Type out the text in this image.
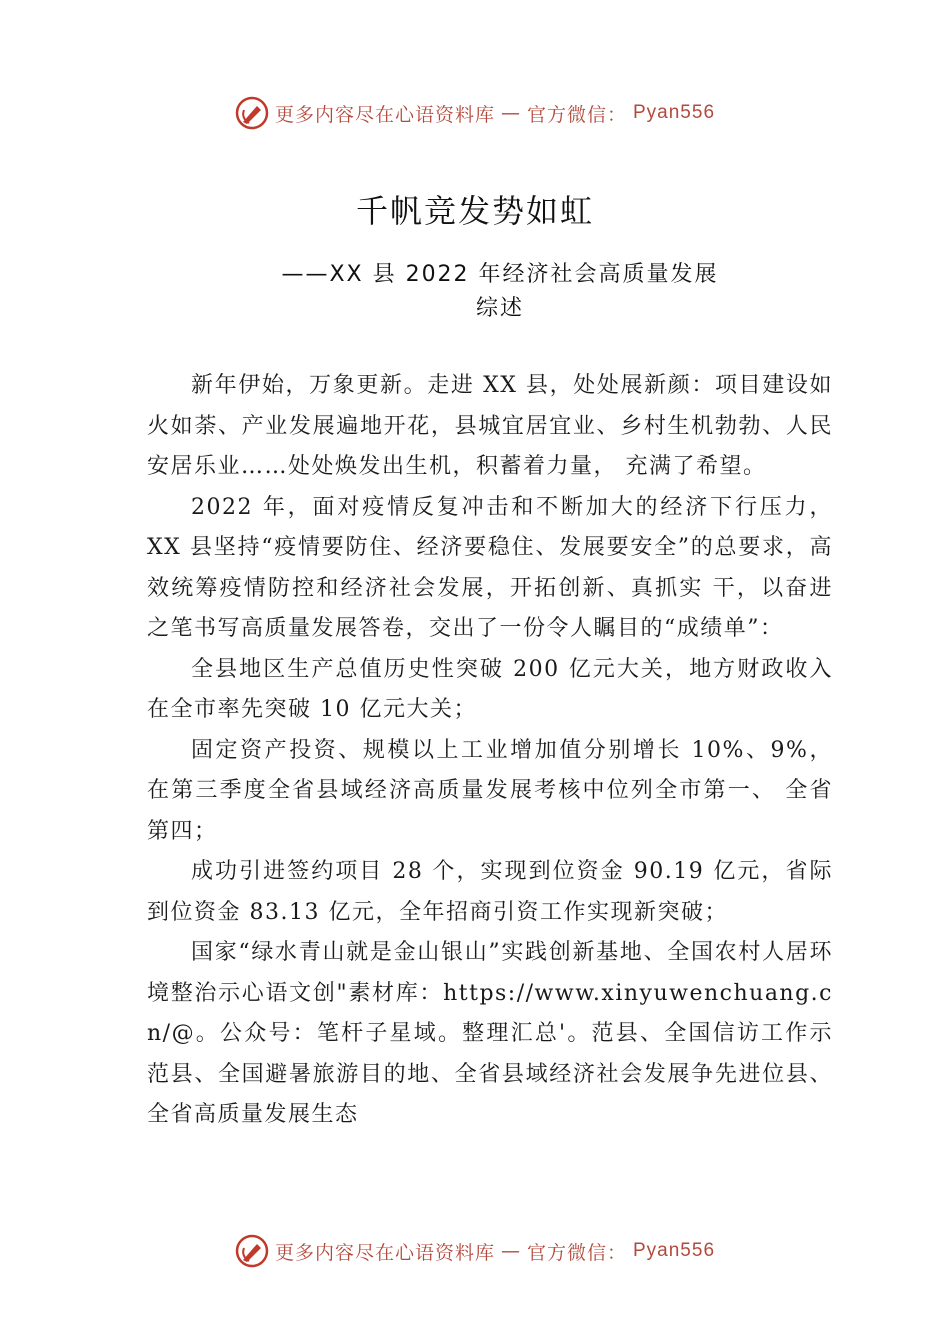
更多内容尽在心语资料库 — 官方微信： Pyan556
千帆竞发势如虹
——XX 县 2022 年经济社会高质量发展综述

新年伊始，万象更新。走进 XX 县，处处展新颜：项目建设如火如荼、产业发展遍地开花，县城宜居宜业、乡村生机勃勃、人民安居乐业……处处焕发出生机，积蓄着力量， 充满了希望。

2022 年，面对疫情反复冲击和不断加大的经济下行压力，XX 县坚持“疫情要防住、经济要稳住、发展要安全”的总要求，高效统筹疫情防控和经济社会发展，开拓创新、真抓实 干，以奋进之笔书写高质量发展答卷，交出了一份令人瞩目的“成绩单”：

全县地区生产总值历史性突破 200 亿元大关，地方财政收入在全市率先突破 10 亿元大关；

固定资产投资、规模以上工业增加值分别增长 10%、9%， 在第三季度全省县域经济高质量发展考核中位列全市第一、 全省第四；

成功引进签约项目 28 个，实现到位资金 90.19 亿元，省际到位资金 83.13 亿元，全年招商引资工作实现新突破；

国家“绿水青山就是金山银山”实践创新基地、全国农村人居环境整治示心语文创"素材库：https://www.xinyuwenchuang.cn/@。公众号：笔杆子星域。整理汇总'。范县、全国信访工作示范县、全国避暑旅游目的地、全省县域经济社会发展争先进位县、全省高质量发展生态

更多内容尽在心语资料库 — 官方微信： Pyan556
